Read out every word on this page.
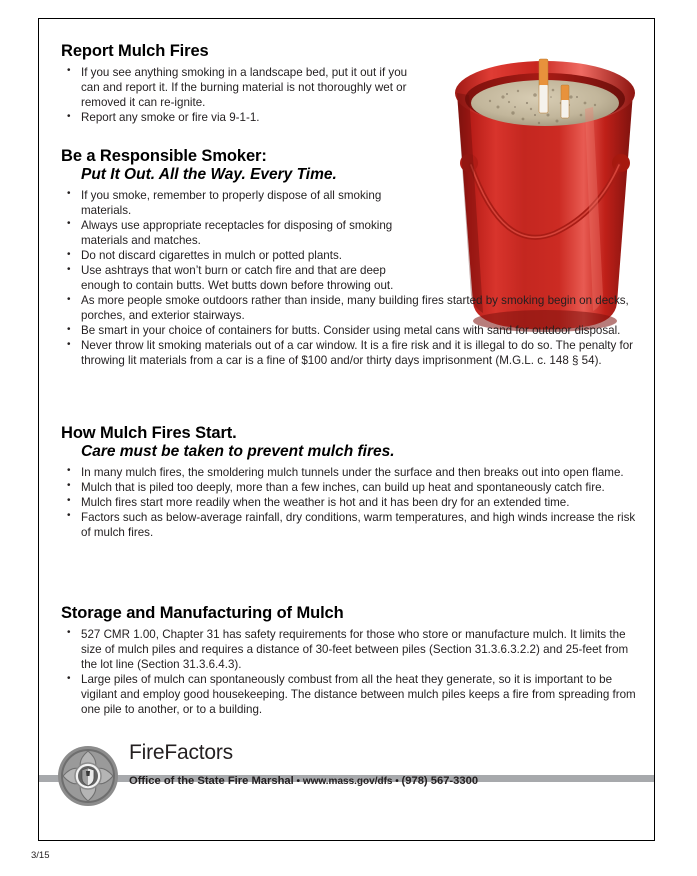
Report Mulch Fires
• If you see anything smoking in a landscape bed, put it out if you can and report it. If the burning material is not thoroughly wet or removed it can re-ignite.
• Report any smoke or fire via 9-1-1.
Be a Responsible Smoker:
Put It Out. All the Way. Every Time.
• If you smoke, remember to properly dispose of all smoking materials.
• Always use appropriate receptacles for disposing of smoking materials and matches.
• Do not discard cigarettes in mulch or potted plants.
• Use ashtrays that won’t burn or catch fire and that are deep enough to contain butts. Wet butts down before throwing out.
• As more people smoke outdoors rather than inside, many building fires started by smoking begin on decks, porches, and exterior stairways.
• Be smart in your choice of containers for butts. Consider using metal cans with sand for outdoor disposal.
• Never throw lit smoking materials out of a car window. It is a fire risk and it is illegal to do so. The penalty for throwing lit materials from a car is a fine of $100 and/or thirty days imprisonment (M.G.L. c. 148 § 54).
How Mulch Fires Start.
Care must be taken to prevent mulch fires.
• In many mulch fires, the smoldering mulch tunnels under the surface and then breaks out into open flame.
• Mulch that is piled too deeply, more than a few inches, can build up heat and spontaneously catch fire.
• Mulch fires start more readily when the weather is hot and it has been dry for an extended time.
• Factors such as below-average rainfall, dry conditions, warm temperatures, and high winds increase the risk of mulch fires.
Storage and Manufacturing of Mulch
• 527 CMR 1.00, Chapter 31 has safety requirements for those who store or manufacture mulch. It limits the size of mulch piles and requires a distance of 30-feet between piles (Section 31.3.6.3.2.2) and 25-feet from the lot line (Section 31.3.6.4.3).
• Large piles of mulch can spontaneously combust from all the heat they generate, so it is important to be vigilant and employ good housekeeping. The distance between mulch piles keeps a fire from spreading from one pile to another, or to a building.
FireFactors
Office of the State Fire Marshal • www.mass.gov/dfs • (978) 567-3300
3/15
